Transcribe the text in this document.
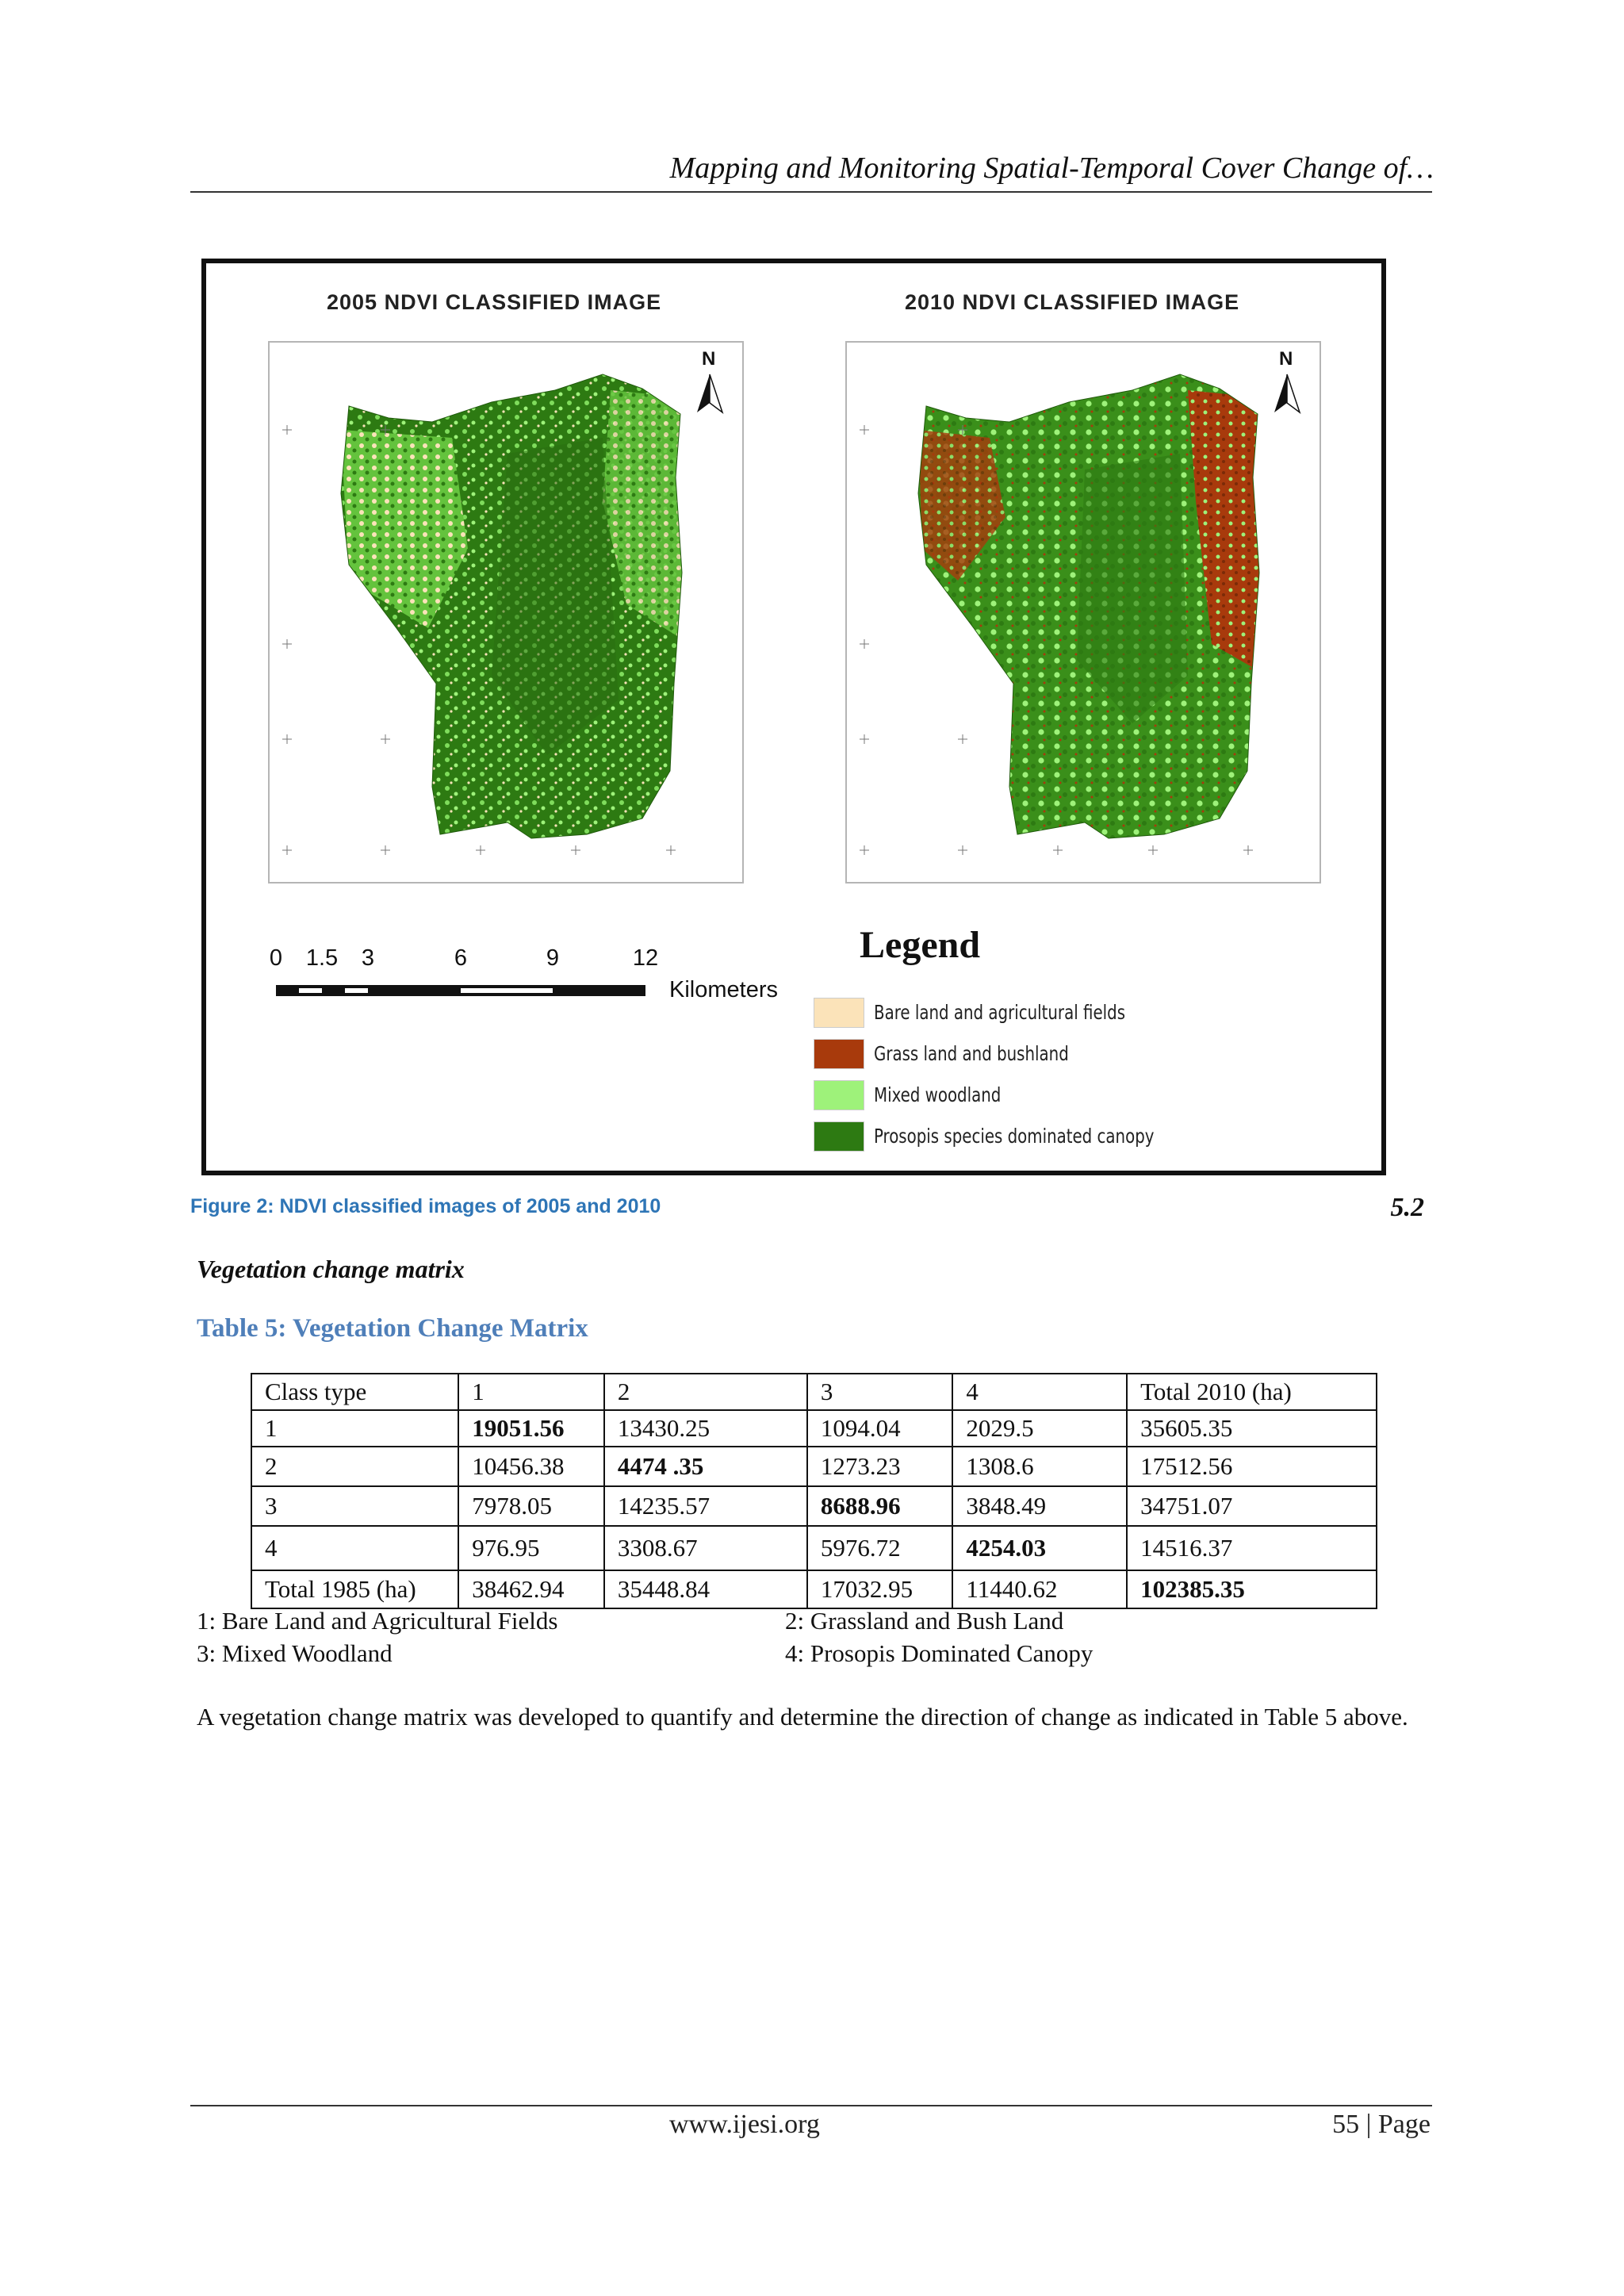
Mapping and Monitoring Spatial-Temporal Cover Change of…
2005 NDVI CLASSIFIED IMAGE	2010 NDVI CLASSIFIED IMAGE
N	N
0 1.5 3	6	9	12
Kilometers
Legend
Bare land and agricultural fields
Grass land and bushland
Mixed woodland
Prosopis species dominated canopy
Figure 2: NDVI classified images of 2005 and 2010	5.2
Vegetation change matrix
Table 5: Vegetation Change Matrix
Class type	1	2	3	4	Total 2010 (ha)
1	19051.56	13430.25	1094.04	2029.5	35605.35
2	10456.38	4474 .35	1273.23	1308.6	17512.56
3	7978.05	14235.57	8688.96	3848.49	34751.07
4	976.95	3308.67	5976.72	4254.03	14516.37
Total 1985 (ha)	38462.94	35448.84	17032.95	11440.62	102385.35
1: Bare Land and Agricultural Fields	2: Grassland and Bush Land
3: Mixed Woodland	4: Prosopis Dominated Canopy
A vegetation change matrix was developed to quantify and determine the direction of change as indicated in Table 5 above.
www.ijesi.org	55 | Page
